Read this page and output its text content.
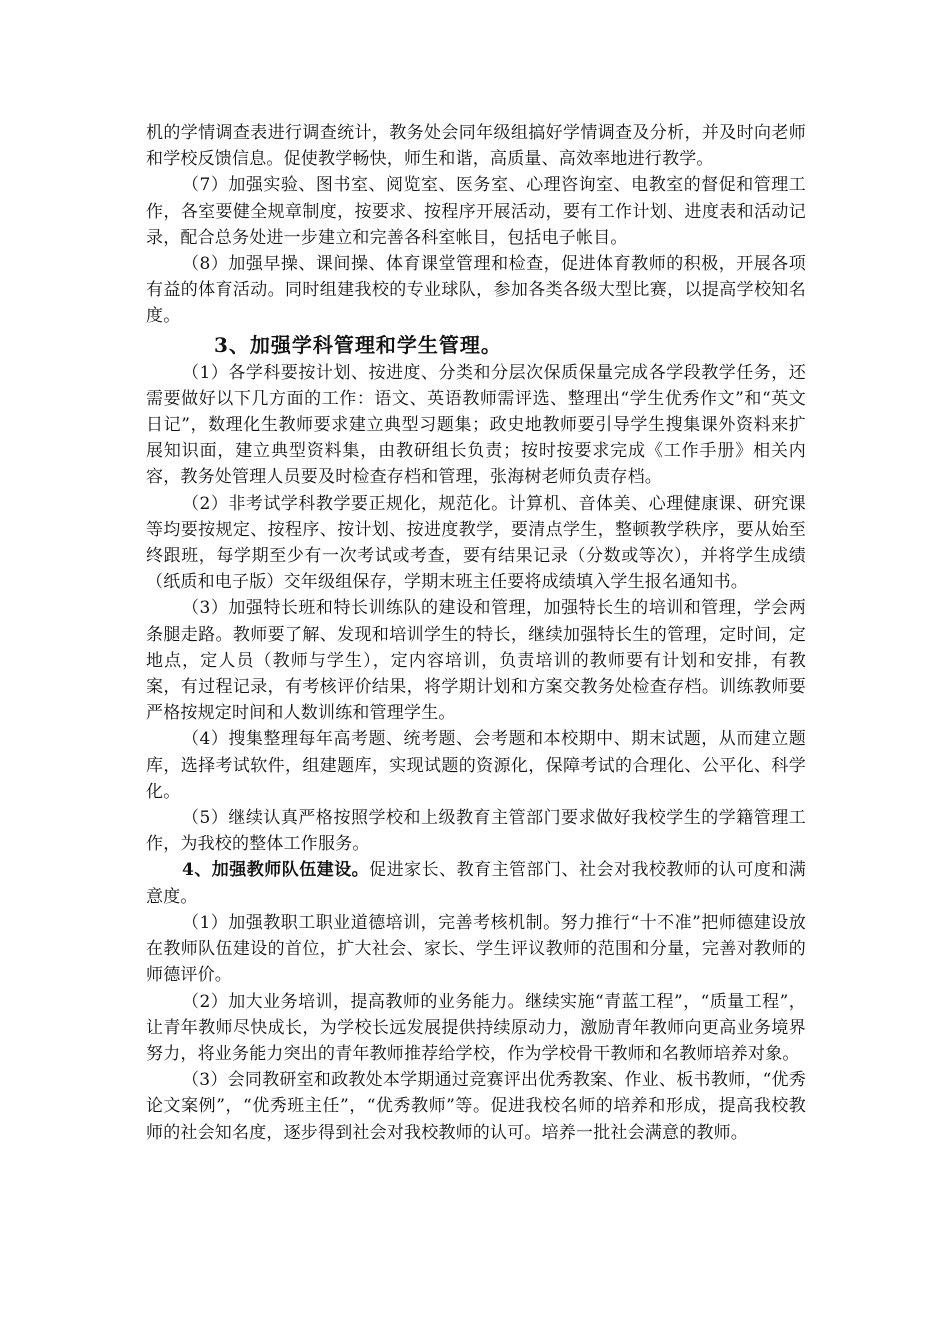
机的学情调查表进行调查统计，教务处会同年级组搞好学情调查及分析，并及时向老师和学校反馈信息。促使教学畅快，师生和谐，高质量、高效率地进行教学。

（7）加强实验、图书室、阅览室、医务室、心理咨询室、电教室的督促和管理工作，各室要健全规章制度，按要求、按程序开展活动，要有工作计划、进度表和活动记录，配合总务处进一步建立和完善各科室帐目，包括电子帐目。

（8）加强早操、课间操、体育课堂管理和检查，促进体育教师的积极，开展各项有益的体育活动。同时组建我校的专业球队，参加各类各级大型比赛，以提高学校知名度。

3、加强学科管理和学生管理。

（1）各学科要按计划、按进度、分类和分层次保质保量完成各学段教学任务，还需要做好以下几方面的工作：语文、英语教师需评选、整理出“学生优秀作文”和“英文日记”，数理化生教师要求建立典型习题集；政史地教师要引导学生搜集课外资料来扩展知识面，建立典型资料集，由教研组长负责；按时按要求完成《工作手册》相关内容，教务处管理人员要及时检查存档和管理，张海树老师负责存档。

（2）非考试学科教学要正规化，规范化。计算机、音体美、心理健康课、研究课等均要按规定、按程序、按计划、按进度教学，要清点学生，整顿教学秩序，要从始至终跟班，每学期至少有一次考试或考查，要有结果记录（分数或等次），并将学生成绩（纸质和电子版）交年级组保存，学期末班主任要将成绩填入学生报名通知书。

（3）加强特长班和特长训练队的建设和管理，加强特长生的培训和管理，学会两条腿走路。教师要了解、发现和培训学生的特长，继续加强特长生的管理，定时间，定地点，定人员（教师与学生），定内容培训，负责培训的教师要有计划和安排，有教案，有过程记录，有考核评价结果，将学期计划和方案交教务处检查存档。训练教师要严格按规定时间和人数训练和管理学生。

（4）搜集整理每年高考题、统考题、会考题和本校期中、期末试题，从而建立题库，选择考试软件，组建题库，实现试题的资源化，保障考试的合理化、公平化、科学化。

（5）继续认真严格按照学校和上级教育主管部门要求做好我校学生的学籍管理工作，为我校的整体工作服务。

4、加强教师队伍建设。促进家长、教育主管部门、社会对我校教师的认可度和满意度。

（1）加强教职工职业道德培训，完善考核机制。努力推行“十不准”把师德建设放在教师队伍建设的首位，扩大社会、家长、学生评议教师的范围和分量，完善对教师的师德评价。

（2）加大业务培训，提高教师的业务能力。继续实施“青蓝工程”，“质量工程”，让青年教师尽快成长，为学校长远发展提供持续原动力，激励青年教师向更高业务境界努力，将业务能力突出的青年教师推荐给学校，作为学校骨干教师和名教师培养对象。

（3）会同教研室和政教处本学期通过竞赛评出优秀教案、作业、板书教师，“优秀论文案例”，“优秀班主任”，“优秀教师”等。促进我校名师的培养和形成，提高我校教师的社会知名度，逐步得到社会对我校教师的认可。培养一批社会满意的教师。
